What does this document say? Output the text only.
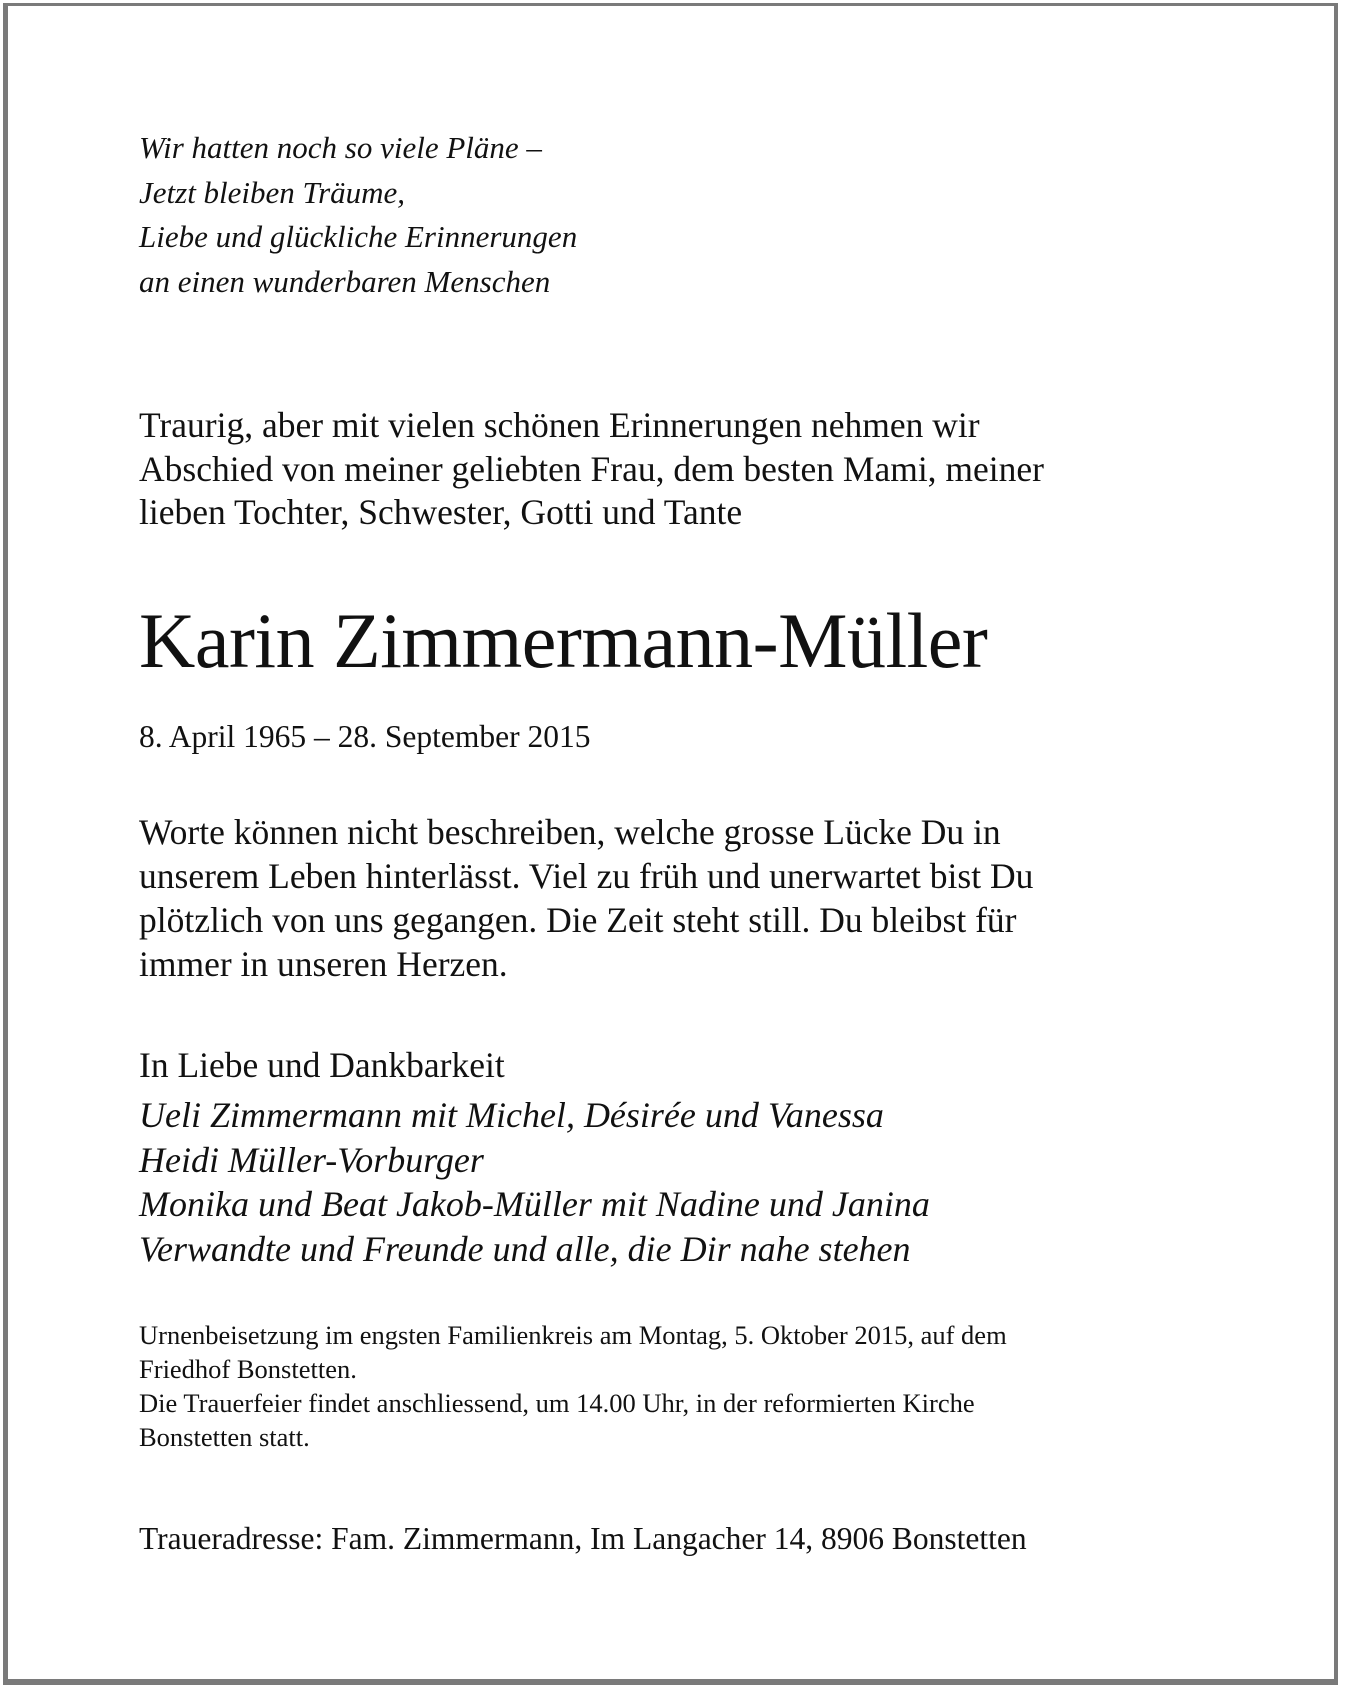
Wir hatten noch so viele Pläne –
Jetzt bleiben Träume,
Liebe und glückliche Erinnerungen
an einen wunderbaren Menschen
Traurig, aber mit vielen schönen Erinnerungen nehmen wir
Abschied von meiner geliebten Frau, dem besten Mami, meiner
lieben Tochter, Schwester, Gotti und Tante
Karin Zimmermann-Müller
8. April 1965 – 28. September 2015
Worte können nicht beschreiben, welche grosse Lücke Du in
unserem Leben hinterlässt. Viel zu früh und unerwartet bist Du
plötzlich von uns gegangen. Die Zeit steht still. Du bleibst für
immer in unseren Herzen.
In Liebe und Dankbarkeit
Ueli Zimmermann mit Michel, Désirée und Vanessa
Heidi Müller-Vorburger
Monika und Beat Jakob-Müller mit Nadine und Janina
Verwandte und Freunde und alle, die Dir nahe stehen
Urnenbeisetzung im engsten Familienkreis am Montag, 5. Oktober 2015, auf dem
Friedhof Bonstetten.
Die Trauerfeier findet anschliessend, um 14.00 Uhr, in der reformierten Kirche
Bonstetten statt.
Traueradresse: Fam. Zimmermann, Im Langacher 14, 8906 Bonstetten
